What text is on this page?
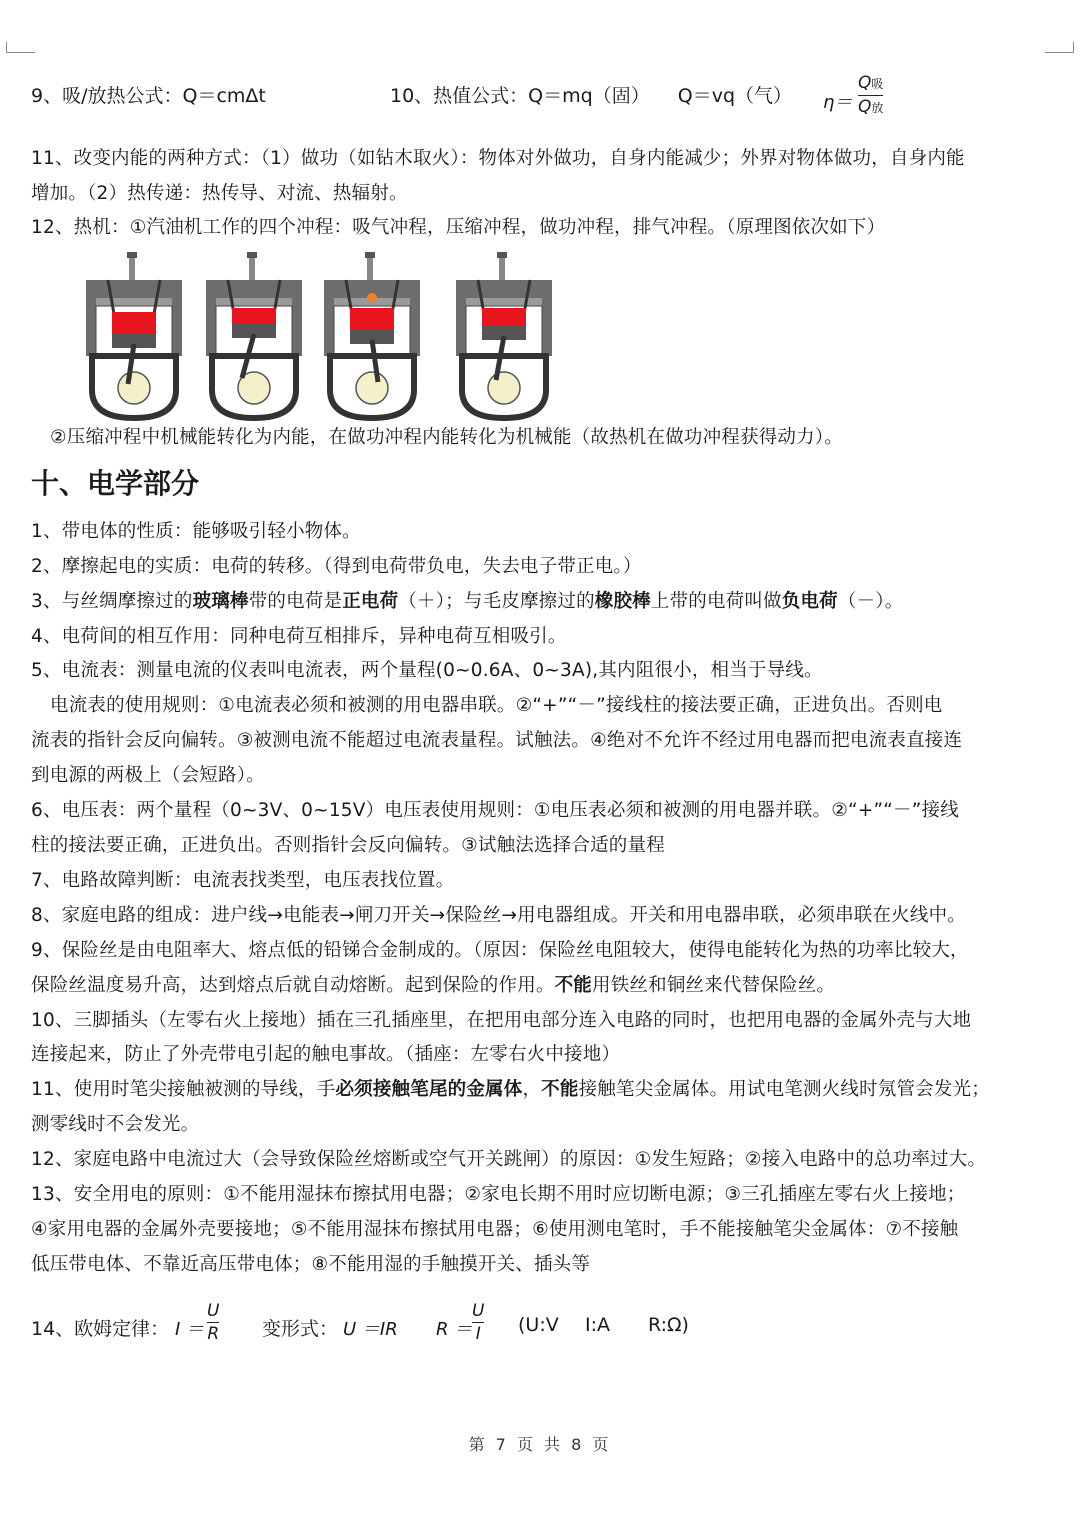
9、吸/放热公式：Q＝cmΔt	10、热值公式：Q＝mq（固） Q＝vq（气） η＝
Q吸
Q放
11、改变内能的两种方式：（1）做功（如钻木取火）：物体对外做功，自身内能减少；外界对物体做功，自身内能
增加。（2）热传递：热传导、对流、热辐射。
12、热机：①汽油机工作的四个冲程：吸气冲程，压缩冲程，做功冲程，排气冲程。（原理图依次如下）
②压缩冲程中机械能转化为内能，在做功冲程内能转化为机械能（故热机在做功冲程获得动力）。
十、电学部分
1、带电体的性质：能够吸引轻小物体。
2、摩擦起电的实质：电荷的转移。（得到电荷带负电，失去电子带正电。）
3、与丝绸摩擦过的玻璃棒带的电荷是正电荷（＋）；与毛皮摩擦过的橡胶棒上带的电荷叫做负电荷（－）。
4、电荷间的相互作用：同种电荷互相排斥，异种电荷互相吸引。
5、电流表：测量电流的仪表叫电流表，两个量程(0~0.6A、0~3A),其内阻很小，相当于导线。
电流表的使用规则：①电流表必须和被测的用电器串联。②“+”“－”接线柱的接法要正确，正进负出。否则电
流表的指针会反向偏转。③被测电流不能超过电流表量程。试触法。④绝对不允许不经过用电器而把电流表直接连
到电源的两极上（会短路）。
6、电压表：两个量程（0~3V、0~15V）电压表使用规则：①电压表必须和被测的用电器并联。②“+”“－”接线
柱的接法要正确，正进负出。否则指针会反向偏转。③试触法选择合适的量程
7、电路故障判断：电流表找类型，电压表找位置。
8、家庭电路的组成：进户线→电能表→闸刀开关→保险丝→用电器组成。开关和用电器串联，必须串联在火线中。
9、保险丝是由电阻率大、熔点低的铅锑合金制成的。（原因：保险丝电阻较大，使得电能转化为热的功率比较大，
保险丝温度易升高，达到熔点后就自动熔断。起到保险的作用。不能用铁丝和铜丝来代替保险丝。
10、三脚插头（左零右火上接地）插在三孔插座里，在把用电部分连入电路的同时，也把用电器的金属外壳与大地
连接起来，防止了外壳带电引起的触电事故。（插座：左零右火中接地）
11、使用时笔尖接触被测的导线，手必须接触笔尾的金属体，不能接触笔尖金属体。用试电笔测火线时氖管会发光；
测零线时不会发光。
12、家庭电路中电流过大（会导致保险丝熔断或空气开关跳闸）的原因：①发生短路；②接入电路中的总功率过大。
13、安全用电的原则：①不能用湿抹布擦拭用电器；②家电长期不用时应切断电源；③三孔插座左零右火上接地；
④家用电器的金属外壳要接地；⑤不能用湿抹布擦拭用电器；⑥使用测电笔时，手不能接触笔尖金属体：⑦不接触
低压带电体、不靠近高压带电体；⑧不能用湿的手触摸开关、插头等
14、欧姆定律： I ＝
U
R 变形式： U ＝IR R ＝
U
I (U:V I:A R:Ω)
第 7 页 共 8 页
